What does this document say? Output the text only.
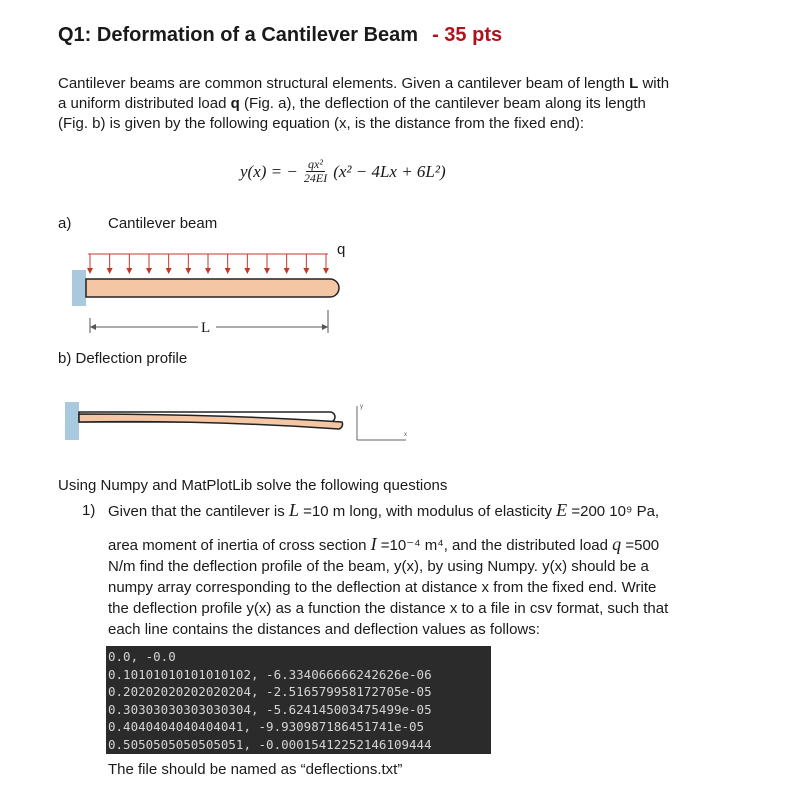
Q1: Deformation of a Cantilever Beam - 35 pts
Cantilever beams are common structural elements. Given a cantilever beam of length L with
a uniform distributed load q (Fig. a), the deflection of the cantilever beam along its length
(Fig. b) is given by the following equation (x, is the distance from the fixed end):
y(x) = − $\frac{\text{qx²}}{24EI} (x^2 - 4Lx + 6L^2)$
a) Cantilever beam
q
L
b) Deflection profile
y
x
Using Numpy and MatPlotLib solve the following questions
1) Given that the cantilever is L =10 m long, with modulus of elasticity E =200 10⁹ Pa,
area moment of inertia of cross section I =10⁻⁴ m⁴, and the distributed load q =500
N/m find the deflection profile of the beam, y(x), by using Numpy. y(x) should be a
numpy array corresponding to the deflection at distance x from the fixed end. Write
the deflection profile y(x) as a function the distance x to a file in csv format, such that
each line contains the distances and deflection values as follows:
0.0, -0.0
0.10101010101010102, -6.334066666242626e-06
0.20202020202020204, -2.516579958172705e-05
0.30303030303030304, -5.624145003475499e-05
0.4040404040404041, -9.930987186451741e-05
0.5050505050505051, -0.00015412252146109444
The file should be named as “deflections.txt”
